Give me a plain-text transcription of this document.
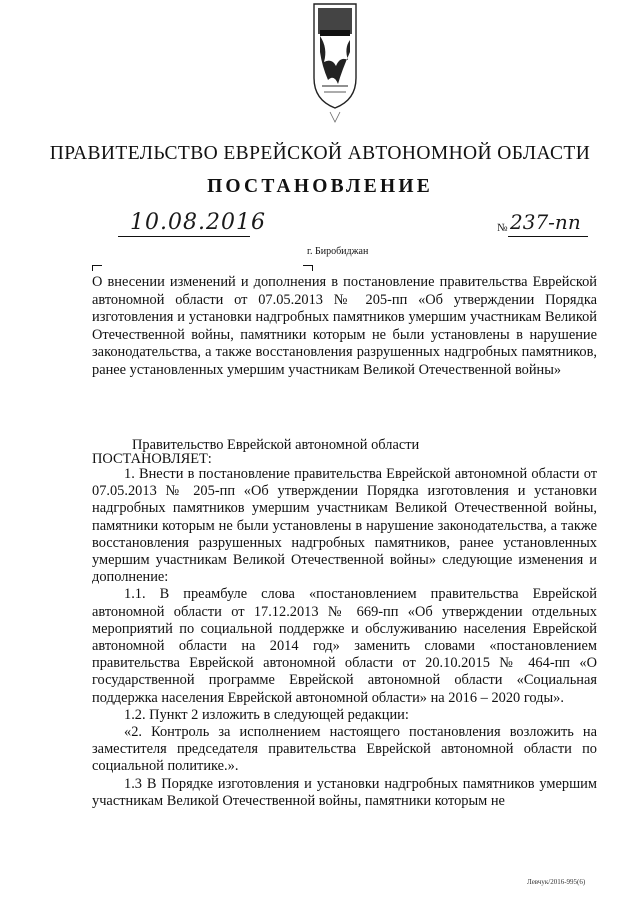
ПРАВИТЕЛЬСТВО ЕВРЕЙСКОЙ АВТОНОМНОЙ ОБЛАСТИ
ПОСТАНОВЛЕНИЕ
10.08.2016	№ 237-пп
г. Биробиджан

О внесении изменений и дополнения в постановление правительства Еврейской автономной области от 07.05.2013 № 205-пп «Об утверждении Порядка изготовления и установки надгробных памятников умершим участникам Великой Отечественной войны, памятники которым не были установлены в нарушение законодательства, а также восстановления разрушенных надгробных памятников, ранее установленных умершим участникам Великой Отечественной войны»

Правительство Еврейской автономной области
ПОСТАНОВЛЯЕТ:

1. Внести в постановление правительства Еврейской автономной области от 07.05.2013 № 205-пп «Об утверждении Порядка изготовления и установки надгробных памятников умершим участникам Великой Отечественной войны, памятники которым не были установлены в нарушение законодательства, а также восстановления разрушенных надгробных памятников, ранее установленных умершим участникам Великой Отечественной войны» следующие изменения и дополнение:

1.1. В преамбуле слова «постановлением правительства Еврейской автономной области от 17.12.2013 № 669-пп «Об утверждении отдельных мероприятий по социальной поддержке и обслуживанию населения Еврейской автономной области на 2014 год» заменить словами «постановлением правительства Еврейской автономной области от 20.10.2015 № 464-пп «О государственной программе Еврейской автономной области «Социальная поддержка населения Еврейской автономной области» на 2016 – 2020 годы».

1.2. Пункт 2 изложить в следующей редакции:

«2. Контроль за исполнением настоящего постановления возложить на заместителя председателя правительства Еврейской автономной области по социальной политике.».

1.3 В Порядке изготовления и установки надгробных памятников умершим участникам Великой Отечественной войны, памятники которым не

Левчук/2016-995(6)
